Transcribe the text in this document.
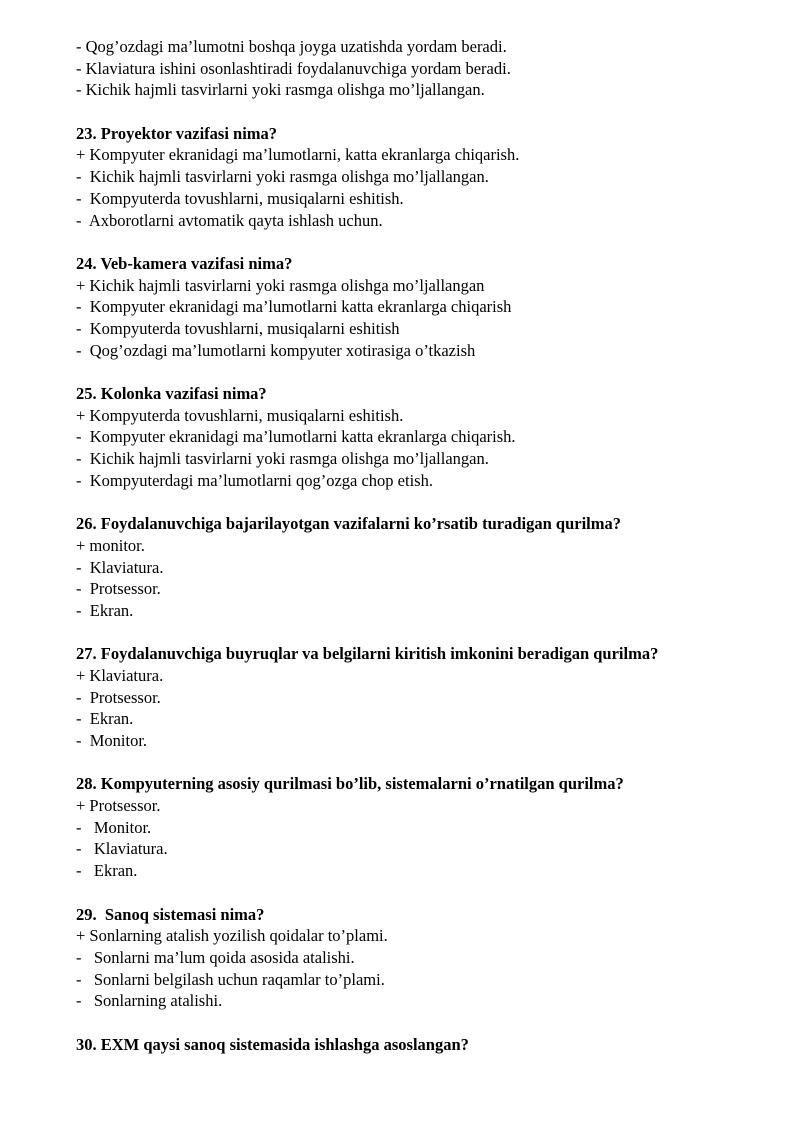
- Qog’ozdagi ma’lumotni boshqa joyga uzatishda yordam beradi.
- Klaviatura ishini osonlashtiradi foydalanuvchiga yordam beradi.
- Kichik hajmli tasvirlarni yoki rasmga olishga mo’ljallangan.
23. Proyektor vazifasi nima?
+ Kompyuter ekranidagi ma’lumotlarni, katta ekranlarga chiqarish.
-  Kichik hajmli tasvirlarni yoki rasmga olishga mo’ljallangan.
-  Kompyuterda tovushlarni, musiqalarni eshitish.
-  Axborotlarni avtomatik qayta ishlash uchun.
24. Veb-kamera vazifasi nima?
+ Kichik hajmli tasvirlarni yoki rasmga olishga mo’ljallangan
-  Kompyuter ekranidagi ma’lumotlarni katta ekranlarga chiqarish
-  Kompyuterda tovushlarni, musiqalarni eshitish
-  Qog’ozdagi ma’lumotlarni kompyuter xotirasiga o’tkazish
25. Kolonka vazifasi nima?
+ Kompyuterda tovushlarni, musiqalarni eshitish.
-  Kompyuter ekranidagi ma’lumotlarni katta ekranlarga chiqarish.
-  Kichik hajmli tasvirlarni yoki rasmga olishga mo’ljallangan.
-  Kompyuterdagi ma’lumotlarni qog’ozga chop etish.
26. Foydalanuvchiga bajarilayotgan vazifalarni ko’rsatib turadigan qurilma?
+ monitor.
-  Klaviatura.
-  Protsessor.
-  Ekran.
27. Foydalanuvchiga buyruqlar va belgilarni kiritish imkonini beradigan qurilma?
+ Klaviatura.
-  Protsessor.
-  Ekran.
-  Monitor.
28. Kompyuterning asosiy qurilmasi bo’lib, sistemalarni o’rnatilgan qurilma?
+ Protsessor.
-   Monitor.
-   Klaviatura.
-   Ekran.
29.  Sanoq sistemasi nima?
+ Sonlarning atalish yozilish qoidalar to’plami.
-   Sonlarni ma’lum qoida asosida atalishi.
-   Sonlarni belgilash uchun raqamlar to’plami.
-   Sonlarning atalishi.
30. EXM qaysi sanoq sistemasida ishlashga asoslangan?
